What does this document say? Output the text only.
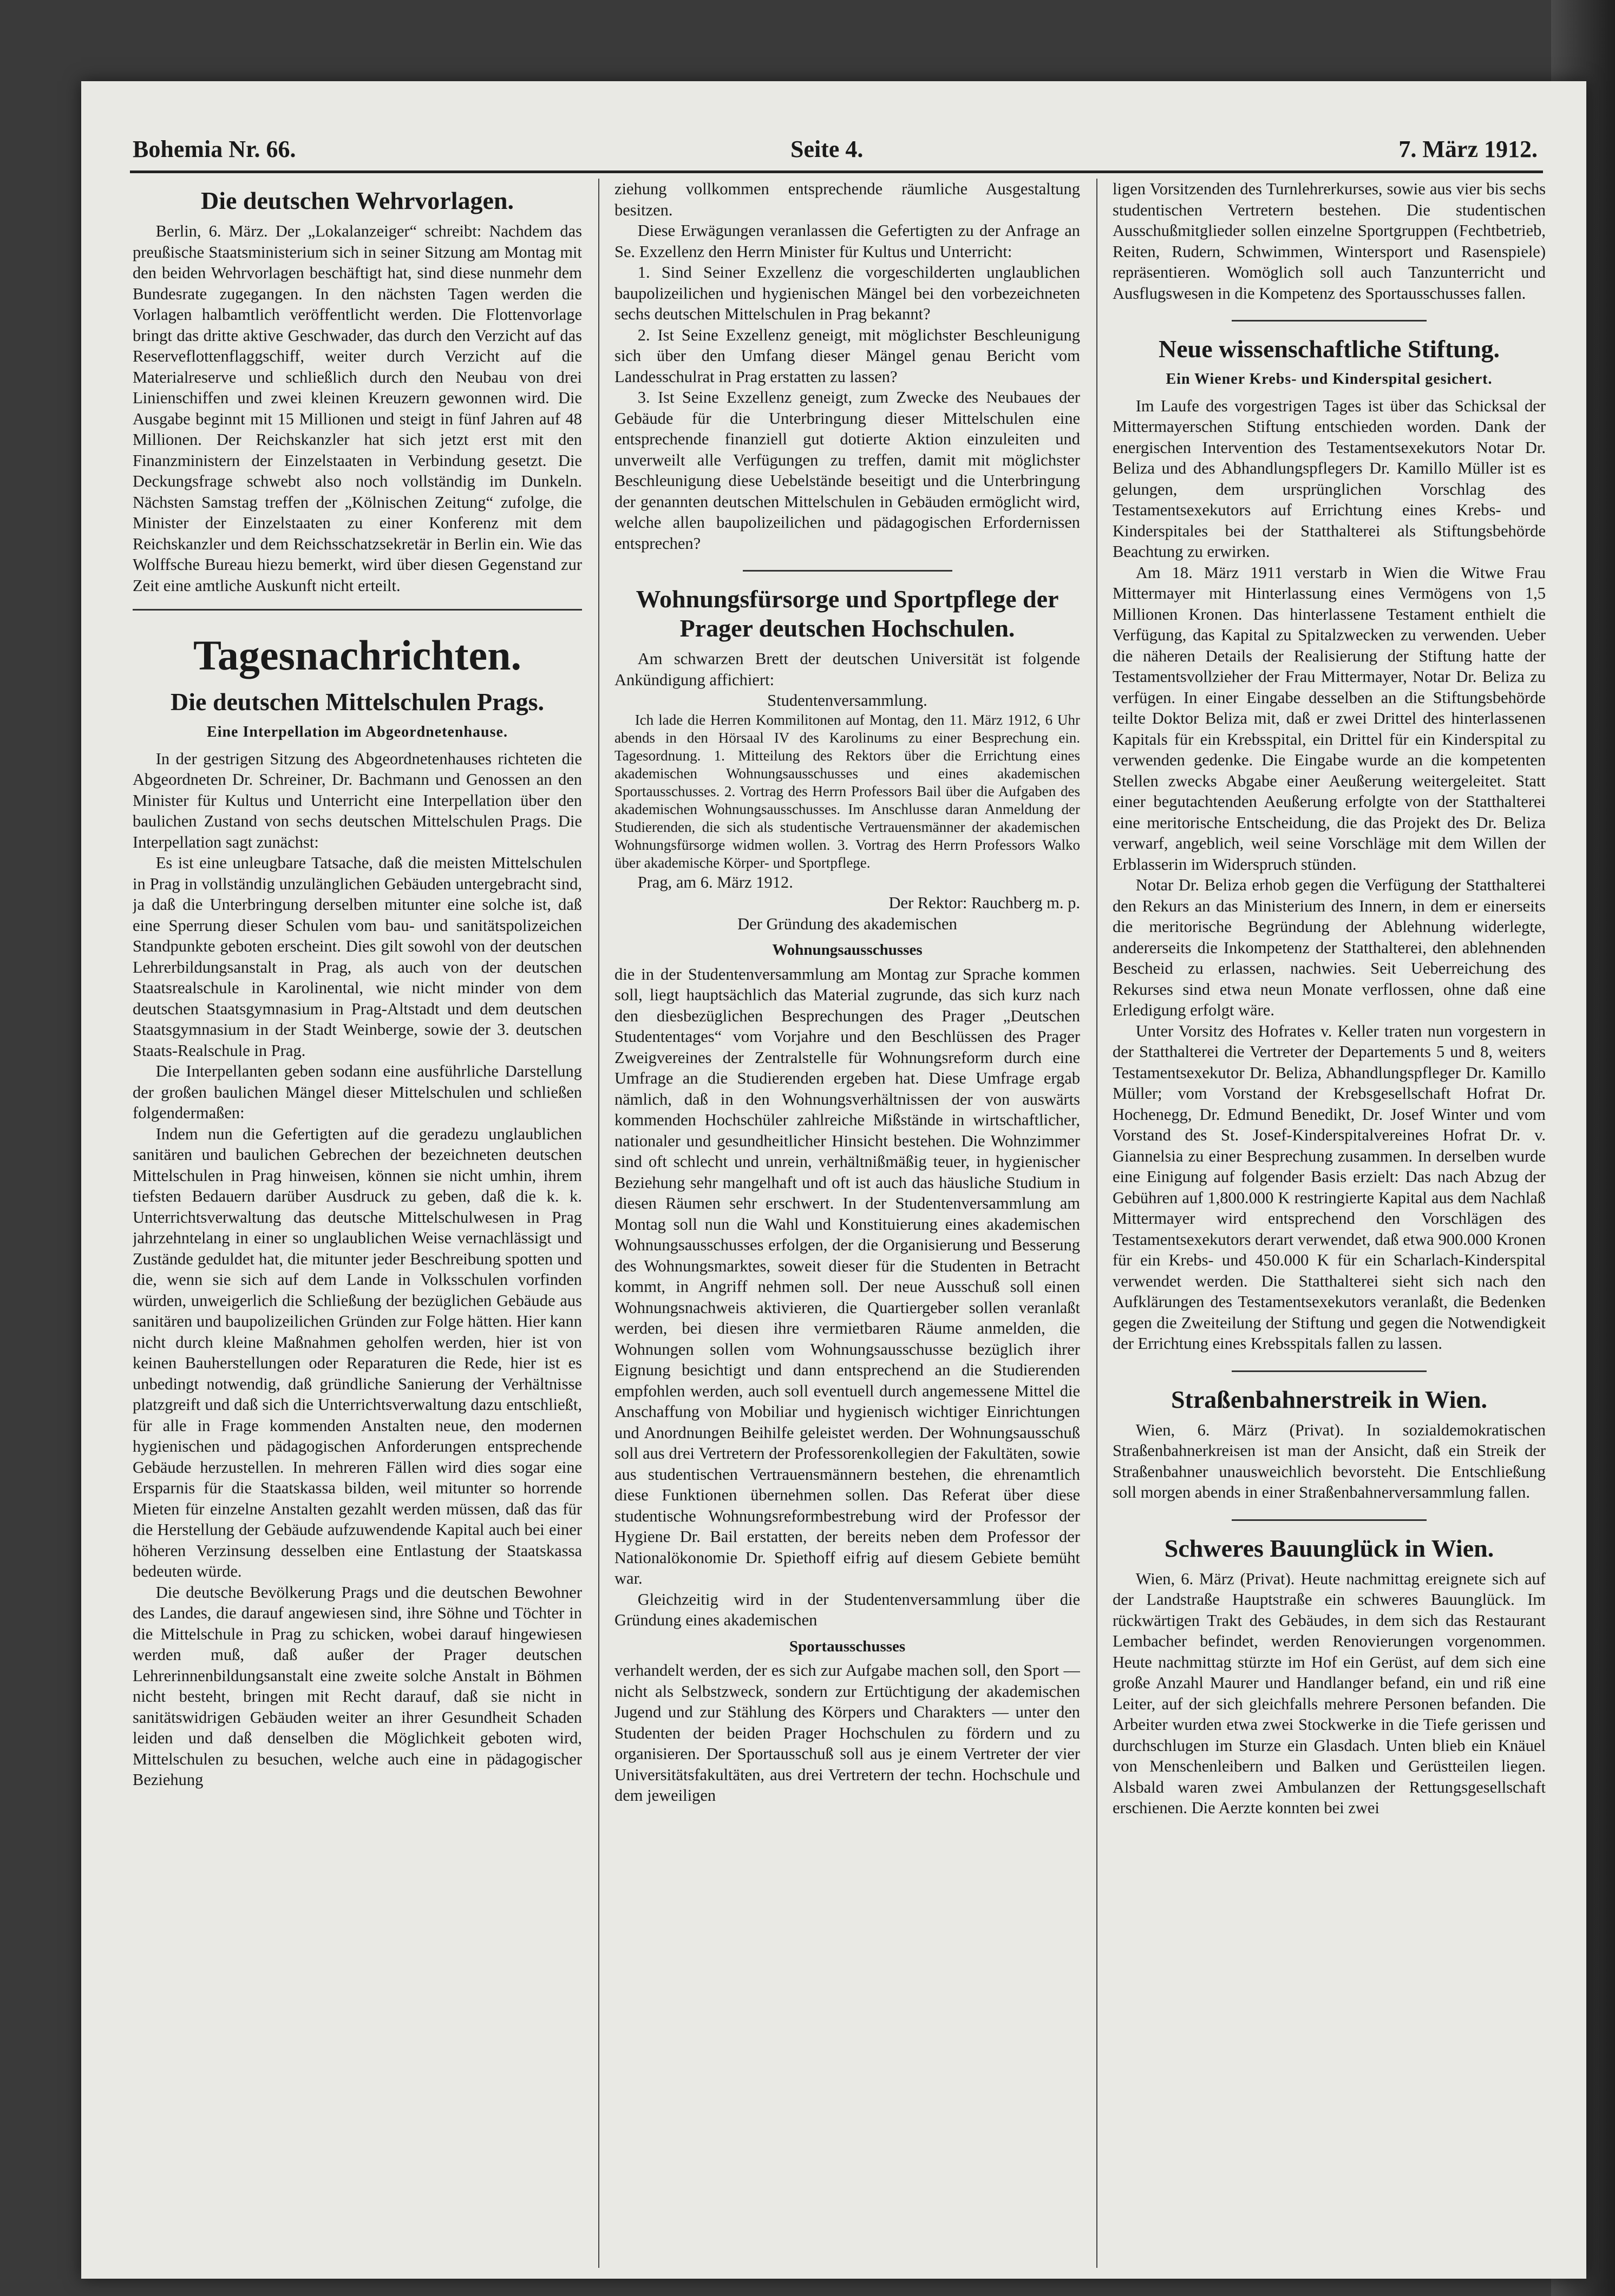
Bohemia Nr. 66.	Seite 4.	7. März 1912.
Die deutschen Wehrvorlagen.

Berlin, 6. März. Der „Lokalanzeiger“ schreibt: Nachdem das preußische Staatsministerium sich in seiner Sitzung am Montag mit den beiden Wehrvorlagen beschäftigt hat, sind diese nunmehr dem Bundesrate zugegangen. In den nächsten Tagen werden die Vorlagen halbamtlich veröffentlicht werden. Die Flottenvorlage bringt das dritte aktive Geschwader, das durch den Verzicht auf das Reserveflottenflaggschiff, weiter durch Verzicht auf die Materialreserve und schließlich durch den Neubau von drei Linienschiffen und zwei kleinen Kreuzern gewonnen wird. Die Ausgabe beginnt mit 15 Millionen und steigt in fünf Jahren auf 48 Millionen. Der Reichskanzler hat sich jetzt erst mit den Finanzministern der Einzelstaaten in Verbindung gesetzt. Die Deckungsfrage schwebt also noch vollständig im Dunkeln. Nächsten Samstag treffen der „Kölnischen Zeitung“ zufolge, die Minister der Einzelstaaten zu einer Konferenz mit dem Reichskanzler und dem Reichsschatzsekretär in Berlin ein. Wie das Wolffsche Bureau hiezu bemerkt, wird über diesen Gegenstand zur Zeit eine amtliche Auskunft nicht erteilt.

Tagesnachrichten.
Die deutschen Mittelschulen Prags.
Eine Interpellation im Abgeordnetenhause.

In der gestrigen Sitzung des Abgeordnetenhauses richteten die Abgeordneten Dr. Schreiner, Dr. Bachmann und Genossen an den Minister für Kultus und Unterricht eine Interpellation über den baulichen Zustand von sechs deutschen Mittelschulen Prags. Die Interpellation sagt zunächst:

Es ist eine unleugbare Tatsache, daß die meisten Mittelschulen in Prag in vollständig unzulänglichen Gebäuden untergebracht sind, ja daß die Unterbringung derselben mitunter eine solche ist, daß eine Sperrung dieser Schulen vom bau- und sanitätspolizeichen Standpunkte geboten erscheint. Dies gilt sowohl von der deutschen Lehrerbildungsanstalt in Prag, als auch von der deutschen Staatsrealschule in Karolinental, wie nicht minder von dem deutschen Staatsgymnasium in Prag-Altstadt und dem deutschen Staatsgymnasium in der Stadt Weinberge, sowie der 3. deutschen Staats-Realschule in Prag.

Die Interpellanten geben sodann eine ausführliche Darstellung der großen baulichen Mängel dieser Mittelschulen und schließen folgendermaßen:

Indem nun die Gefertigten auf die geradezu unglaublichen sanitären und baulichen Gebrechen der bezeichneten deutschen Mittelschulen in Prag hinweisen, können sie nicht umhin, ihrem tiefsten Bedauern darüber Ausdruck zu geben, daß die k. k. Unterrichtsverwaltung das deutsche Mittelschulwesen in Prag jahrzehntelang in einer so unglaublichen Weise vernachlässigt und Zustände geduldet hat, die mitunter jeder Beschreibung spotten und die, wenn sie sich auf dem Lande in Volksschulen vorfinden würden, unweigerlich die Schließung der bezüglichen Gebäude aus sanitären und baupolizeilichen Gründen zur Folge hätten. Hier kann nicht durch kleine Maßnahmen geholfen werden, hier ist von keinen Bauherstellungen oder Reparaturen die Rede, hier ist es unbedingt notwendig, daß gründliche Sanierung der Verhältnisse platzgreift und daß sich die Unterrichtsverwaltung dazu entschließt, für alle in Frage kommenden Anstalten neue, den modernen hygienischen und pädagogischen Anforderungen entsprechende Gebäude herzustellen. In mehreren Fällen wird dies sogar eine Ersparnis für die Staatskassa bilden, weil mitunter so horrende Mieten für einzelne Anstalten gezahlt werden müssen, daß das für die Herstellung der Gebäude aufzuwendende Kapital auch bei einer höheren Verzinsung desselben eine Entlastung der Staatskassa bedeuten würde.

Die deutsche Bevölkerung Prags und die deutschen Bewohner des Landes, die darauf angewiesen sind, ihre Söhne und Töchter in die Mittelschule in Prag zu schicken, wobei darauf hingewiesen werden muß, daß außer der Prager deutschen Lehrerinnenbildungsanstalt eine zweite solche Anstalt in Böhmen nicht besteht, bringen mit Recht darauf, daß sie nicht in sanitätswidrigen Gebäuden weiter an ihrer Gesundheit Schaden leiden und daß denselben die Möglichkeit geboten wird, Mittelschulen zu besuchen, welche auch eine in pädagogischer Beziehung

ziehung vollkommen entsprechende räumliche Ausgestaltung besitzen.

Diese Erwägungen veranlassen die Gefertigten zu der Anfrage an Se. Exzellenz den Herrn Minister für Kultus und Unterricht:

1. Sind Seiner Exzellenz die vorgeschilderten unglaublichen baupolizeilichen und hygienischen Mängel bei den vorbezeichneten sechs deutschen Mittelschulen in Prag bekannt?

2. Ist Seine Exzellenz geneigt, mit möglichster Beschleunigung sich über den Umfang dieser Mängel genau Bericht vom Landesschulrat in Prag erstatten zu lassen?

3. Ist Seine Exzellenz geneigt, zum Zwecke des Neubaues der Gebäude für die Unterbringung dieser Mittelschulen eine entsprechende finanziell gut dotierte Aktion einzuleiten und unverweilt alle Verfügungen zu treffen, damit mit möglichster Beschleunigung diese Uebelstände beseitigt und die Unterbringung der genannten deutschen Mittelschulen in Gebäuden ermöglicht wird, welche allen baupolizeilichen und pädagogischen Erfordernissen entsprechen?

Wohnungsfürsorge und Sportpflege der Prager deutschen Hochschulen.

Am schwarzen Brett der deutschen Universität ist folgende Ankündigung affichiert:

Studentenversammlung.

Ich lade die Herren Kommilitonen auf Montag, den 11. März 1912, 6 Uhr abends in den Hörsaal IV des Karolinums zu einer Besprechung ein. Tagesordnung. 1. Mitteilung des Rektors über die Errichtung eines akademischen Wohnungsausschusses und eines akademischen Sportausschusses. 2. Vortrag des Herrn Professors Bail über die Aufgaben des akademischen Wohnungsausschusses. Im Anschlusse daran Anmeldung der Studierenden, die sich als studentische Vertrauensmänner der akademischen Wohnungsfürsorge widmen wollen. 3. Vortrag des Herrn Professors Walko über akademische Körper- und Sportpflege.

Prag, am 6. März 1912.

Der Rektor: Rauchberg m. p.

Der Gründung des akademischen

Wohnungsausschusses

die in der Studentenversammlung am Montag zur Sprache kommen soll, liegt hauptsächlich das Material zugrunde, das sich kurz nach den diesbezüglichen Besprechungen des Prager „Deutschen Studententages“ vom Vorjahre und den Beschlüssen des Prager Zweigvereines der Zentralstelle für Wohnungsreform durch eine Umfrage an die Studierenden ergeben hat. Diese Umfrage ergab nämlich, daß in den Wohnungsverhältnissen der von auswärts kommenden Hochschüler zahlreiche Mißstände in wirtschaftlicher, nationaler und gesundheitlicher Hinsicht bestehen. Die Wohnzimmer sind oft schlecht und unrein, verhältnißmäßig teuer, in hygienischer Beziehung sehr mangelhaft und oft ist auch das häusliche Studium in diesen Räumen sehr erschwert. In der Studentenversammlung am Montag soll nun die Wahl und Konstituierung eines akademischen Wohnungsausschusses erfolgen, der die Organisierung und Besserung des Wohnungsmarktes, soweit dieser für die Studenten in Betracht kommt, in Angriff nehmen soll. Der neue Ausschuß soll einen Wohnungsnachweis aktivieren, die Quartiergeber sollen veranlaßt werden, bei diesen ihre vermietbaren Räume anmelden, die Wohnungen sollen vom Wohnungsausschusse bezüglich ihrer Eignung besichtigt und dann entsprechend an die Studierenden empfohlen werden, auch soll eventuell durch angemessene Mittel die Anschaffung von Mobiliar und hygienisch wichtiger Einrichtungen und Anordnungen Beihilfe geleistet werden. Der Wohnungsausschuß soll aus drei Vertretern der Professorenkollegien der Fakultäten, sowie aus studentischen Vertrauensmännern bestehen, die ehrenamtlich diese Funktionen übernehmen sollen. Das Referat über diese studentische Wohnungsreformbestrebung wird der Professor der Hygiene Dr. Bail erstatten, der bereits neben dem Professor der Nationalökonomie Dr. Spiethoff eifrig auf diesem Gebiete bemüht war.

Gleichzeitig wird in der Studentenversammlung über die Gründung eines akademischen

Sportausschusses

verhandelt werden, der es sich zur Aufgabe machen soll, den Sport — nicht als Selbstzweck, sondern zur Ertüchtigung der akademischen Jugend und zur Stählung des Körpers und Charakters — unter den Studenten der beiden Prager Hochschulen zu fördern und zu organisieren. Der Sportausschuß soll aus je einem Vertreter der vier Universitätsfakultäten, aus drei Vertretern der techn. Hochschule und dem jeweiligen

ligen Vorsitzenden des Turnlehrerkurses, sowie aus vier bis sechs studentischen Vertretern bestehen. Die studentischen Ausschußmitglieder sollen einzelne Sportgruppen (Fechtbetrieb, Reiten, Rudern, Schwimmen, Wintersport und Rasenspiele) repräsentieren. Womöglich soll auch Tanzunterricht und Ausflugswesen in die Kompetenz des Sportausschusses fallen.

Neue wissenschaftliche Stiftung.
Ein Wiener Krebs- und Kinderspital gesichert.

Im Laufe des vorgestrigen Tages ist über das Schicksal der Mittermayerschen Stiftung entschieden worden. Dank der energischen Intervention des Testamentsexekutors Notar Dr. Beliza und des Abhandlungspflegers Dr. Kamillo Müller ist es gelungen, dem ursprünglichen Vorschlag des Testamentsexekutors auf Errichtung eines Krebs- und Kinderspitales bei der Statthalterei als Stiftungsbehörde Beachtung zu erwirken.

Am 18. März 1911 verstarb in Wien die Witwe Frau Mittermayer mit Hinterlassung eines Vermögens von 1,5 Millionen Kronen. Das hinterlassene Testament enthielt die Verfügung, das Kapital zu Spitalzwecken zu verwenden. Ueber die näheren Details der Realisierung der Stiftung hatte der Testamentsvollzieher der Frau Mittermayer, Notar Dr. Beliza zu verfügen. In einer Eingabe desselben an die Stiftungsbehörde teilte Doktor Beliza mit, daß er zwei Drittel des hinterlassenen Kapitals für ein Krebsspital, ein Drittel für ein Kinderspital zu verwenden gedenke. Die Eingabe wurde an die kompetenten Stellen zwecks Abgabe einer Aeußerung weitergeleitet. Statt einer begutachtenden Aeußerung erfolgte von der Statthalterei eine meritorische Entscheidung, die das Projekt des Dr. Beliza verwarf, angeblich, weil seine Vorschläge mit dem Willen der Erblasserin im Widerspruch stünden.

Notar Dr. Beliza erhob gegen die Verfügung der Statthalterei den Rekurs an das Ministerium des Innern, in dem er einerseits die meritorische Begründung der Ablehnung widerlegte, andererseits die Inkompetenz der Statthalterei, den ablehnenden Bescheid zu erlassen, nachwies. Seit Ueberreichung des Rekurses sind etwa neun Monate verflossen, ohne daß eine Erledigung erfolgt wäre.

Unter Vorsitz des Hofrates v. Keller traten nun vorgestern in der Statthalterei die Vertreter der Departements 5 und 8, weiters Testamentsexekutor Dr. Beliza, Abhandlungspfleger Dr. Kamillo Müller; vom Vorstand der Krebsgesellschaft Hofrat Dr. Hochenegg, Dr. Edmund Benedikt, Dr. Josef Winter und vom Vorstand des St. Josef-Kinderspitalvereines Hofrat Dr. v. Giannelsia zu einer Besprechung zusammen. In derselben wurde eine Einigung auf folgender Basis erzielt: Das nach Abzug der Gebühren auf 1,800.000 K restringierte Kapital aus dem Nachlaß Mittermayer wird entsprechend den Vorschlägen des Testamentsexekutors derart verwendet, daß etwa 900.000 Kronen für ein Krebs- und 450.000 K für ein Scharlach-Kinderspital verwendet werden. Die Statthalterei sieht sich nach den Aufklärungen des Testamentsexekutors veranlaßt, die Bedenken gegen die Zweiteilung der Stiftung und gegen die Notwendigkeit der Errichtung eines Krebsspitals fallen zu lassen.

Straßenbahnerstreik in Wien.

Wien, 6. März (Privat). In sozialdemokratischen Straßenbahnerkreisen ist man der Ansicht, daß ein Streik der Straßenbahner unausweichlich bevorsteht. Die Entschließung soll morgen abends in einer Straßenbahnerversammlung fallen.

Schweres Bauunglück in Wien.

Wien, 6. März (Privat). Heute nachmittag ereignete sich auf der Landstraße Hauptstraße ein schweres Bauunglück. Im rückwärtigen Trakt des Gebäudes, in dem sich das Restaurant Lembacher befindet, werden Renovierungen vorgenommen. Heute nachmittag stürzte im Hof ein Gerüst, auf dem sich eine große Anzahl Maurer und Handlanger befand, ein und riß eine Leiter, auf der sich gleichfalls mehrere Personen befanden. Die Arbeiter wurden etwa zwei Stockwerke in die Tiefe gerissen und durchschlugen im Sturze ein Glasdach. Unten blieb ein Knäuel von Menschenleibern und Balken und Gerüstteilen liegen. Alsbald waren zwei Ambulanzen der Rettungsgesellschaft erschienen. Die Aerzte konnten bei zwei
